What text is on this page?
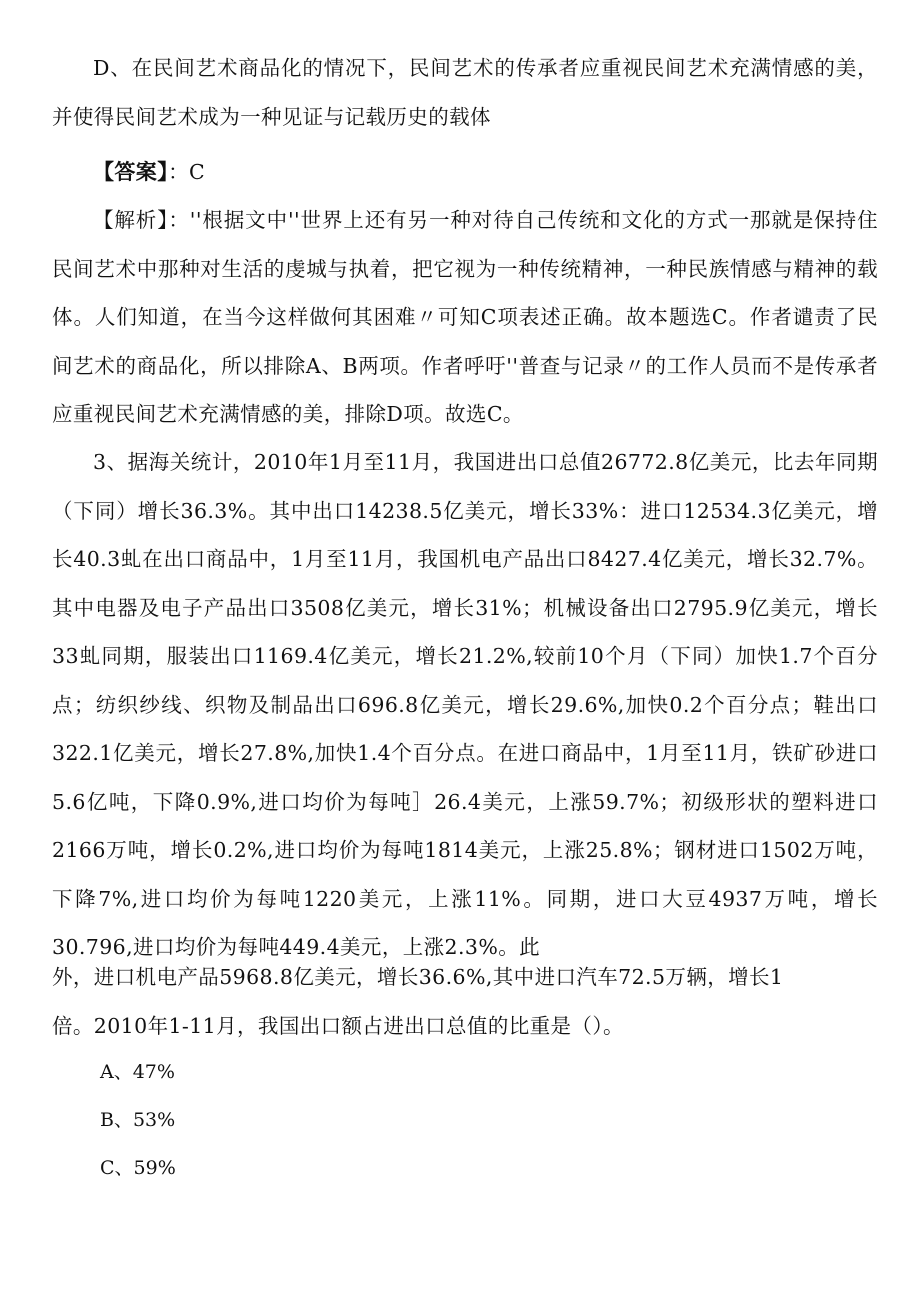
D、在民间艺术商品化的情况下，民间艺术的传承者应重视民间艺术充满情感的美，并使得民间艺术成为一种见证与记载历史的载体

【答案】：C

【解析】：''根据文中''世界上还有另一种对待自己传统和文化的方式一那就是保持住民间艺术中那种对生活的虔城与执着，把它视为一种传统精神，一种民族情感与精神的载体。人们知道，在当今这样做何其困难〃可知C项表述正确。故本题选C。作者谴责了民间艺术的商品化，所以排除A、B两项。作者呼吁''普查与记录〃的工作人员而不是传承者应重视民间艺术充满情感的美，排除D项。故选C。

3、据海关统计，2010年1月至11月，我国进出口总值26772.8亿美元，比去年同期（下同）增长36.3%。其中出口14238.5亿美元，增长33%：进口12534.3亿美元，增长40.3虬在出口商品中，1月至11月，我国机电产品出口8427.4亿美元，增长32.7%。其中电器及电子产品出口3508亿美元，增长31%；机械设备出口2795.9亿美元，增长33虬同期，服装出口1169.4亿美元，增长21.2%,较前10个月（下同）加快1.7个百分点；纺织纱线、织物及制品出口696.8亿美元，增长29.6%,加快0.2个百分点；鞋出口322.1亿美元，增长27.8%,加快1.4个百分点。在进口商品中，1月至11月，铁矿砂进口5.6亿吨，下降0.9%,进口均价为每吨］26.4美元，上涨59.7%；初级形状的塑料进口2166万吨，增长0.2%,进口均价为每吨1814美元，上涨25.8%；钢材进口1502万吨，下降7%,进口均价为每吨1220美元，上涨11%。同期，进口大豆4937万吨，增长30.796,进口均价为每吨449.4美元，上涨2.3%。此

外，进口机电产品5968.8亿美元，增长36.6%,其中进口汽车72.5万辆，增长1

倍。2010年1-11月，我国出口额占进出口总值的比重是（）。

A、47%

B、53%

C、59%
